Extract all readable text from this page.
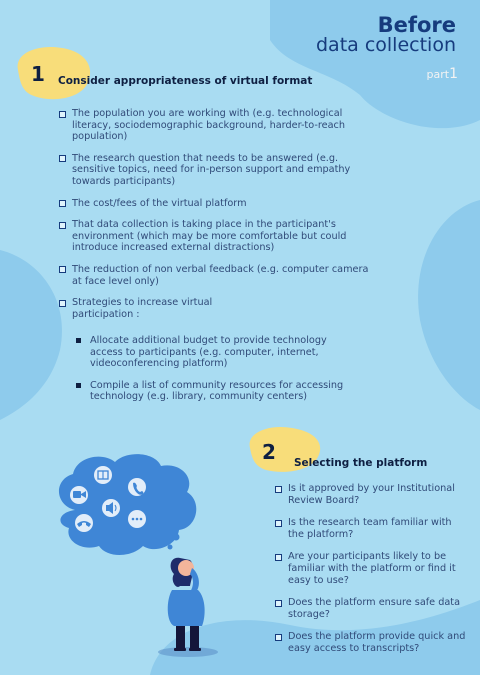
Before
data collection
part1
1 Consider appropriateness of virtual format
The population you are working with (e.g. technological literacy, sociodemographic background, harder-to-reach population)
The research question that needs to be answered (e.g. sensitive topics, need for in-person support and empathy towards participants)
The cost/fees of the virtual platform
That data collection is taking place in the participant's environment (which may be more comfortable but could introduce increased external distractions)
The reduction of non verbal feedback (e.g. computer camera at face level only)
Strategies to increase virtual participation :
Allocate additional budget to provide technology access to participants (e.g. computer, internet, videoconferencing platform)
Compile a list of community resources for accessing technology (e.g. library, community centers)
2 Selecting the platform
Is it approved by your Institutional Review Board?
Is the research team familiar with the platform?
Are your participants likely to be familiar with the platform or find it easy to use?
Does the platform ensure safe data storage?
Does the platform provide quick and easy access to transcripts?
